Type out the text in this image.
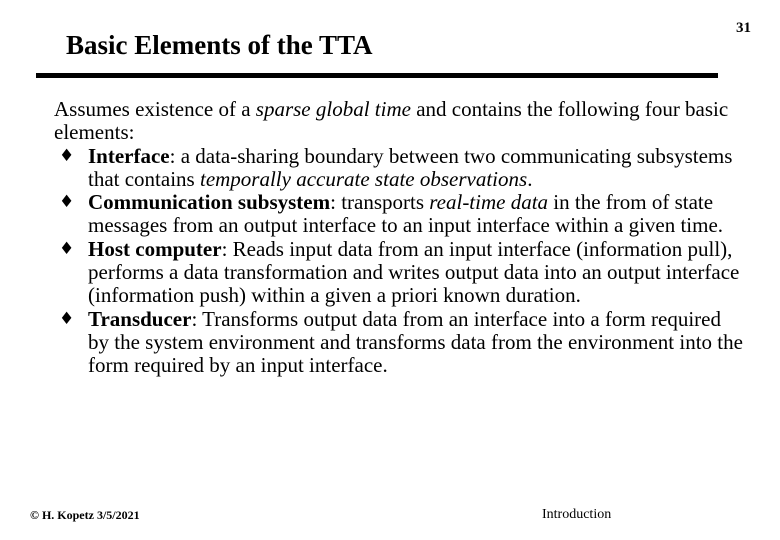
31
Basic Elements of the TTA

Assumes existence of a sparse global time and contains the following four basic elements:

♦ Interface: a data-sharing boundary between two communicating subsystems that contains temporally accurate state observations.
♦ Communication subsystem: transports real-time data in the from of state messages from an output interface to an input interface within a given time.
♦ Host computer: Reads input data from an input interface (information pull), performs a data transformation and writes output data into an output interface (information push) within a given a priori known duration.
♦ Transducer: Transforms output data from an interface into a form required by the system environment and transforms data from the environment into the form required by an input interface.
© H. Kopetz 3/5/2021	Introduction
